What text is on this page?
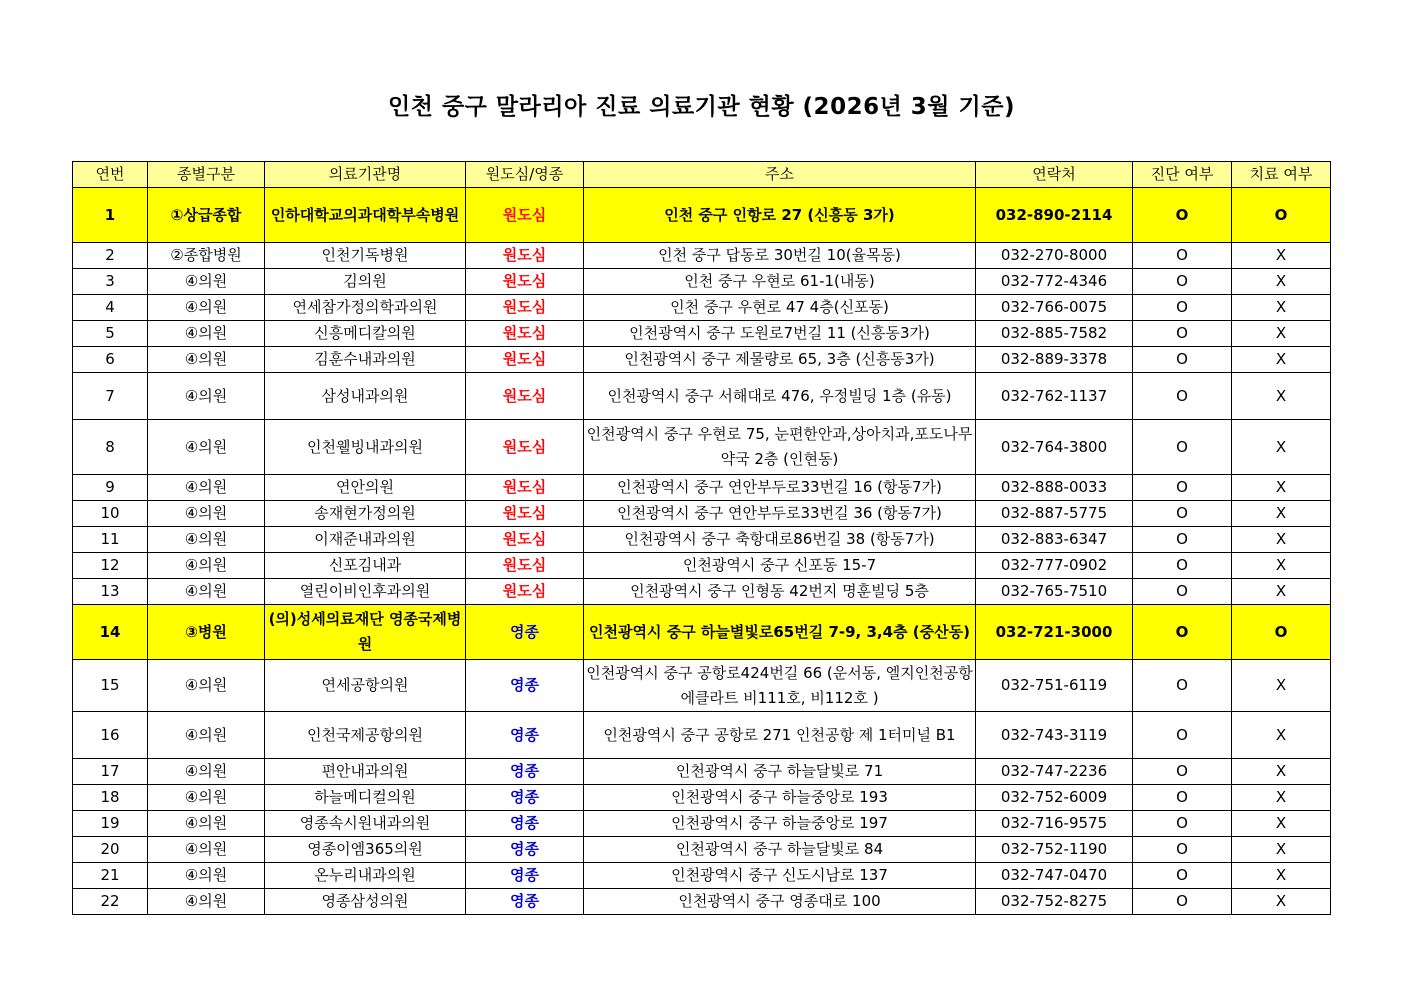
인천 중구 말라리아 진료 의료기관 현황 (2026년 3월 기준)
연번	종별구분	의료기관명	원도심/영종	주소	연락처	진단 여부	치료 여부
1	①상급종합	인하대학교의과대학부속병원	원도심	인천 중구 인항로 27 (신흥동 3가)	032-890-2114	O	O
2	②종합병원	인천기독병원	원도심	인천 중구 답동로 30번길 10(율목동)	032-270-8000	O	X
3	④의원	김의원	원도심	인천 중구 우현로 61-1(내동)	032-772-4346	O	X
4	④의원	연세참가정의학과의원	원도심	인천 중구 우현로 47 4층(신포동)	032-766-0075	O	X
5	④의원	신흥메디칼의원	원도심	인천광역시 중구 도원로7번길 11 (신흥동3가)	032-885-7582	O	X
6	④의원	김훈수내과의원	원도심	인천광역시 중구 제물량로 65, 3층 (신흥동3가)	032-889-3378	O	X
7	④의원	삼성내과의원	원도심	인천광역시 중구 서해대로 476, 우정빌딩 1층 (유동)	032-762-1137	O	X
8	④의원	인천웰빙내과의원	원도심	인천광역시 중구 우현로 75, 눈편한안과,상아치과,포도나무약국 2층 (인현동)	032-764-3800	O	X
9	④의원	연안의원	원도심	인천광역시 중구 연안부두로33번길 16 (항동7가)	032-888-0033	O	X
10	④의원	송재현가정의원	원도심	인천광역시 중구 연안부두로33번길 36 (항동7가)	032-887-5775	O	X
11	④의원	이재준내과의원	원도심	인천광역시 중구 축항대로86번길 38 (항동7가)	032-883-6347	O	X
12	④의원	신포김내과	원도심	인천광역시 중구 신포동 15-7	032-777-0902	O	X
13	④의원	열린이비인후과의원	원도심	인천광역시 중구 인형동 42번지 명훈빌딩 5층	032-765-7510	O	X
14	③병원	(의)성세의료재단 영종국제병원	영종	인천광역시 중구 하늘별빛로65번길 7-9, 3,4층 (중산동)	032-721-3000	O	O
15	④의원	연세공항의원	영종	인천광역시 중구 공항로424번길 66 (운서동, 엘지인천공항에클라트 비111호, 비112호 )	032-751-6119	O	X
16	④의원	인천국제공항의원	영종	인천광역시 중구 공항로 271 인천공항 제 1터미널 B1	032-743-3119	O	X
17	④의원	편안내과의원	영종	인천광역시 중구 하늘달빛로 71	032-747-2236	O	X
18	④의원	하늘메디컬의원	영종	인천광역시 중구 하늘중앙로 193	032-752-6009	O	X
19	④의원	영종속시원내과의원	영종	인천광역시 중구 하늘중앙로 197	032-716-9575	O	X
20	④의원	영종이엠365의원	영종	인천광역시 중구 하늘달빛로 84	032-752-1190	O	X
21	④의원	온누리내과의원	영종	인천광역시 중구 신도시남로 137	032-747-0470	O	X
22	④의원	영종삼성의원	영종	인천광역시 중구 영종대로 100	032-752-8275	O	X
